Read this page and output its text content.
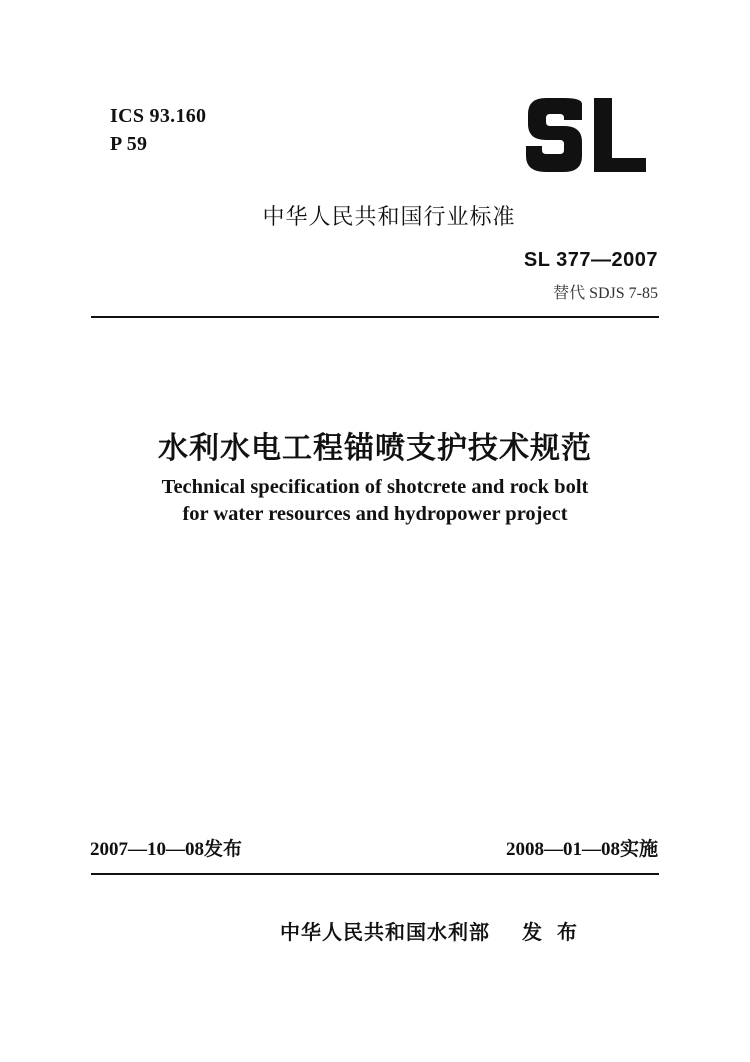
ICS 93.160
P 59
中华人民共和国行业标准
SL 377—2007
替代 SDJS 7-85
水利水电工程锚喷支护技术规范
Technical specification of shotcrete and rock bolt
for water resources and hydropower project
2007—10—08发布	2008—01—08实施
中华人民共和国水利部 发 布
